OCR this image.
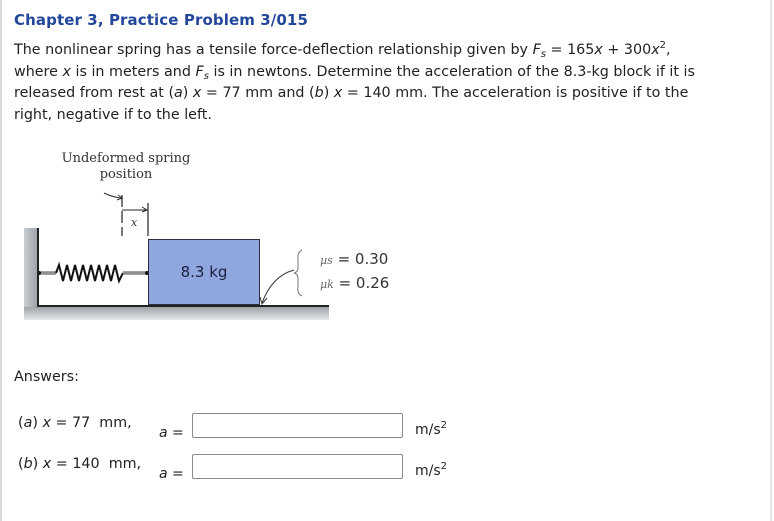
Chapter 3, Practice Problem 3/015
The nonlinear spring has a tensile force-deflection relationship given by $F_s = 165x + 300x^2$,
where x is in meters and $F_s$ is in newtons. Determine the acceleration of the 8.3-kg block if it is
released from rest at (a) x = 77 mm and (b) x = 140 mm. The acceleration is positive if to the
right, negative if to the left.
Undeformed spring
position
x
8.3 kg
μs = 0.30
μk = 0.26
Answers:
(a) x = 77  mm,
a =	$m/s^2$
(b) x = 140  mm,
a =	$m/s^2$
